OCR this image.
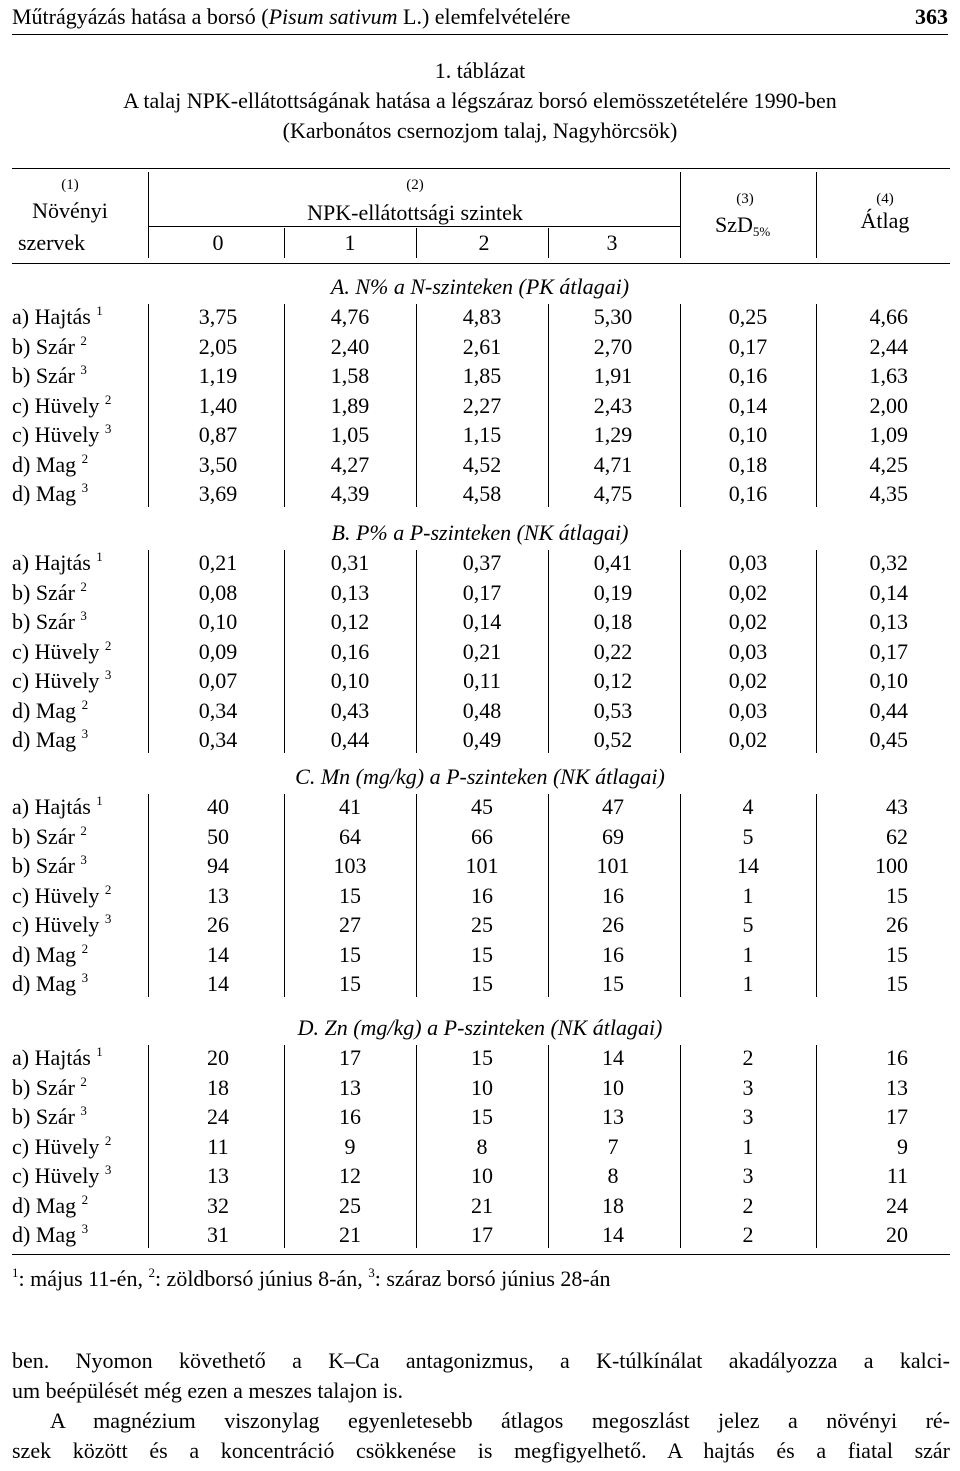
Műtrágyázás hatása a borsó (Pisum sativum L.) elemfelvételére	363
1. táblázat
A talaj NPK-ellátottságának hatása a légszáraz borsó elemösszetételére 1990-ben
(Karbonátos csernozjom talaj, Nagyhörcsök)
(1)
Növényi
szervek
(2)
NPK-ellátottsági szintek
0	1	2	3
(3)
SzD$_{5\%}$
(4)
Átlag
A. N% a N-szinteken (PK átlagai)
a) Hajtás $^1$	3,75	4,76	4,83	5,30	0,25	4,66
b) Szár $^2$	2,05	2,40	2,61	2,70	0,17	2,44
b) Szár $^3$	1,19	1,58	1,85	1,91	0,16	1,63
c) Hüvely $^2$	1,40	1,89	2,27	2,43	0,14	2,00
c) Hüvely $^3$	0,87	1,05	1,15	1,29	0,10	1,09
d) Mag $^2$	3,50	4,27	4,52	4,71	0,18	4,25
d) Mag $^3$	3,69	4,39	4,58	4,75	0,16	4,35
B. P% a P-szinteken (NK átlagai)
a) Hajtás $^1$	0,21	0,31	0,37	0,41	0,03	0,32
b) Szár $^2$	0,08	0,13	0,17	0,19	0,02	0,14
b) Szár $^3$	0,10	0,12	0,14	0,18	0,02	0,13
c) Hüvely $^2$	0,09	0,16	0,21	0,22	0,03	0,17
c) Hüvely $^3$	0,07	0,10	0,11	0,12	0,02	0,10
d) Mag $^2$	0,34	0,43	0,48	0,53	0,03	0,44
d) Mag $^3$	0,34	0,44	0,49	0,52	0,02	0,45
C. Mn (mg/kg) a P-szinteken (NK átlagai)
a) Hajtás $^1$	40	41	45	47	4	43
b) Szár $^2$	50	64	66	69	5	62
b) Szár $^3$	94	103	101	101	14	100
c) Hüvely $^2$	13	15	16	16	1	15
c) Hüvely $^3$	26	27	25	26	5	26
d) Mag $^2$	14	15	15	16	1	15
d) Mag $^3$	14	15	15	15	1	15
D. Zn (mg/kg) a P-szinteken (NK átlagai)
a) Hajtás $^1$	20	17	15	14	2	16
b) Szár $^2$	18	13	10	10	3	13
b) Szár $^3$	24	16	15	13	3	17
c) Hüvely $^2$	11	9	8	7	1	9
c) Hüvely $^3$	13	12	10	8	3	11
d) Mag $^2$	32	25	21	18	2	24
d) Mag $^3$	31	21	17	14	2	20
$^1$: május 11-én, $^2$: zöldborsó június 8-án, $^3$: száraz borsó június 28-án
ben. Nyomon követhető a K–Ca antagonizmus, a K-túlkínálat akadályozza a kalci-
um beépülését még ezen a meszes talajon is.
A magnézium viszonylag egyenletesebb átlagos megoszlást jelez a növényi ré-
szek között és a koncentráció csökkenése is megfigyelhető. A hajtás és a fiatal szár
